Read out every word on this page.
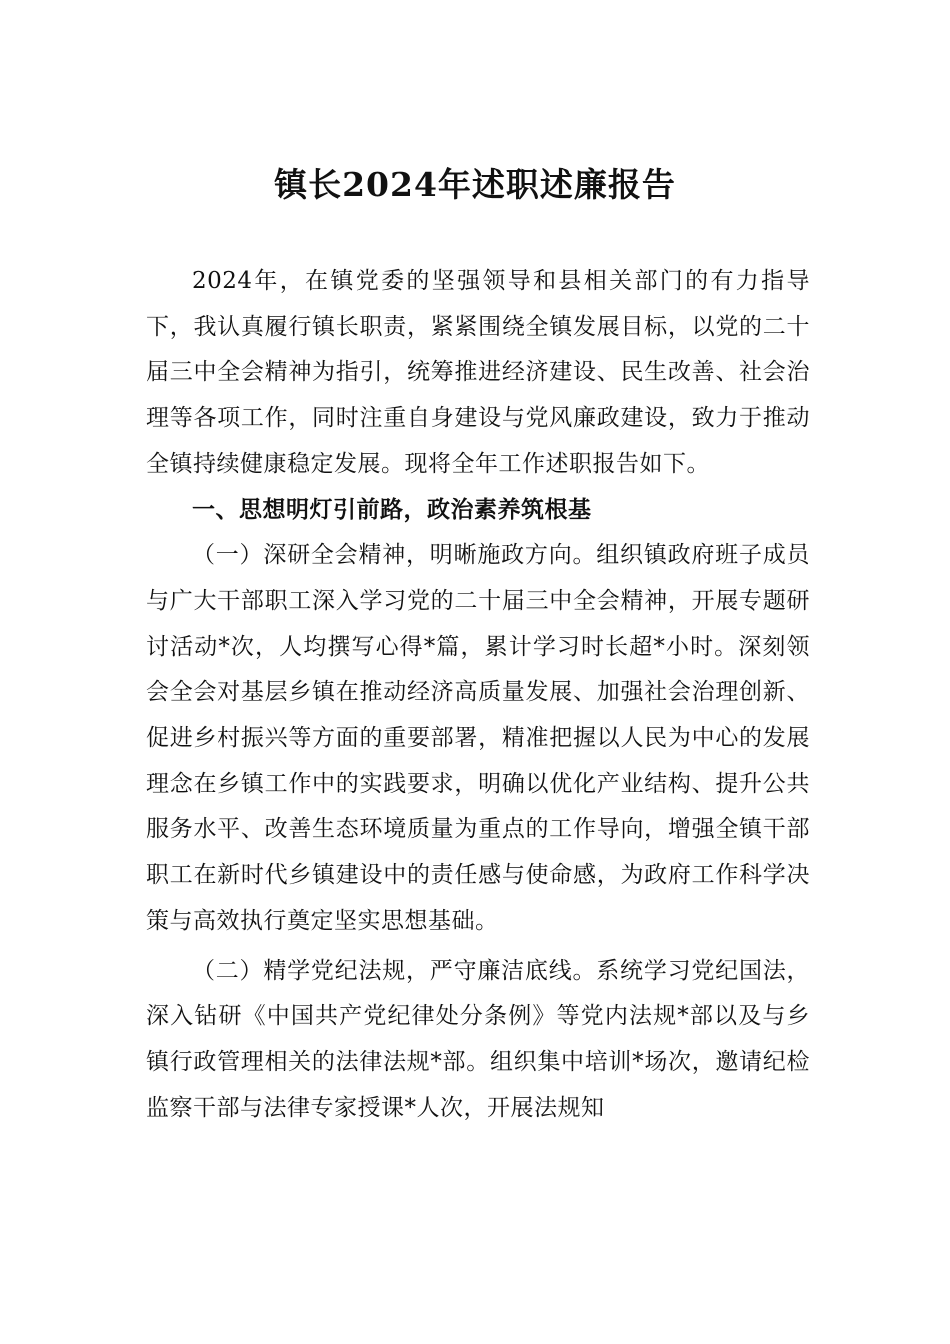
镇长2024年述职述廉报告

2024年，在镇党委的坚强领导和县相关部门的有力指导下，我认真履行镇长职责，紧紧围绕全镇发展目标，以党的二十届三中全会精神为指引，统筹推进经济建设、民生改善、社会治理等各项工作，同时注重自身建设与党风廉政建设，致力于推动全镇持续健康稳定发展。现将全年工作述职报告如下。

一、思想明灯引前路，政治素养筑根基

（一）深研全会精神，明晰施政方向。组织镇政府班子成员与广大干部职工深入学习党的二十届三中全会精神，开展专题研讨活动*次，人均撰写心得*篇，累计学习时长超*小时。深刻领会全会对基层乡镇在推动经济高质量发展、加强社会治理创新、促进乡村振兴等方面的重要部署，精准把握以人民为中心的发展理念在乡镇工作中的实践要求，明确以优化产业结构、提升公共服务水平、改善生态环境质量为重点的工作导向，增强全镇干部职工在新时代乡镇建设中的责任感与使命感，为政府工作科学决策与高效执行奠定坚实思想基础。

（二）精学党纪法规，严守廉洁底线。系统学习党纪国法，深入钻研《中国共产党纪律处分条例》等党内法规*部以及与乡镇行政管理相关的法律法规*部。组织集中培训*场次，邀请纪检监察干部与法律专家授课*人次，开展法规知
